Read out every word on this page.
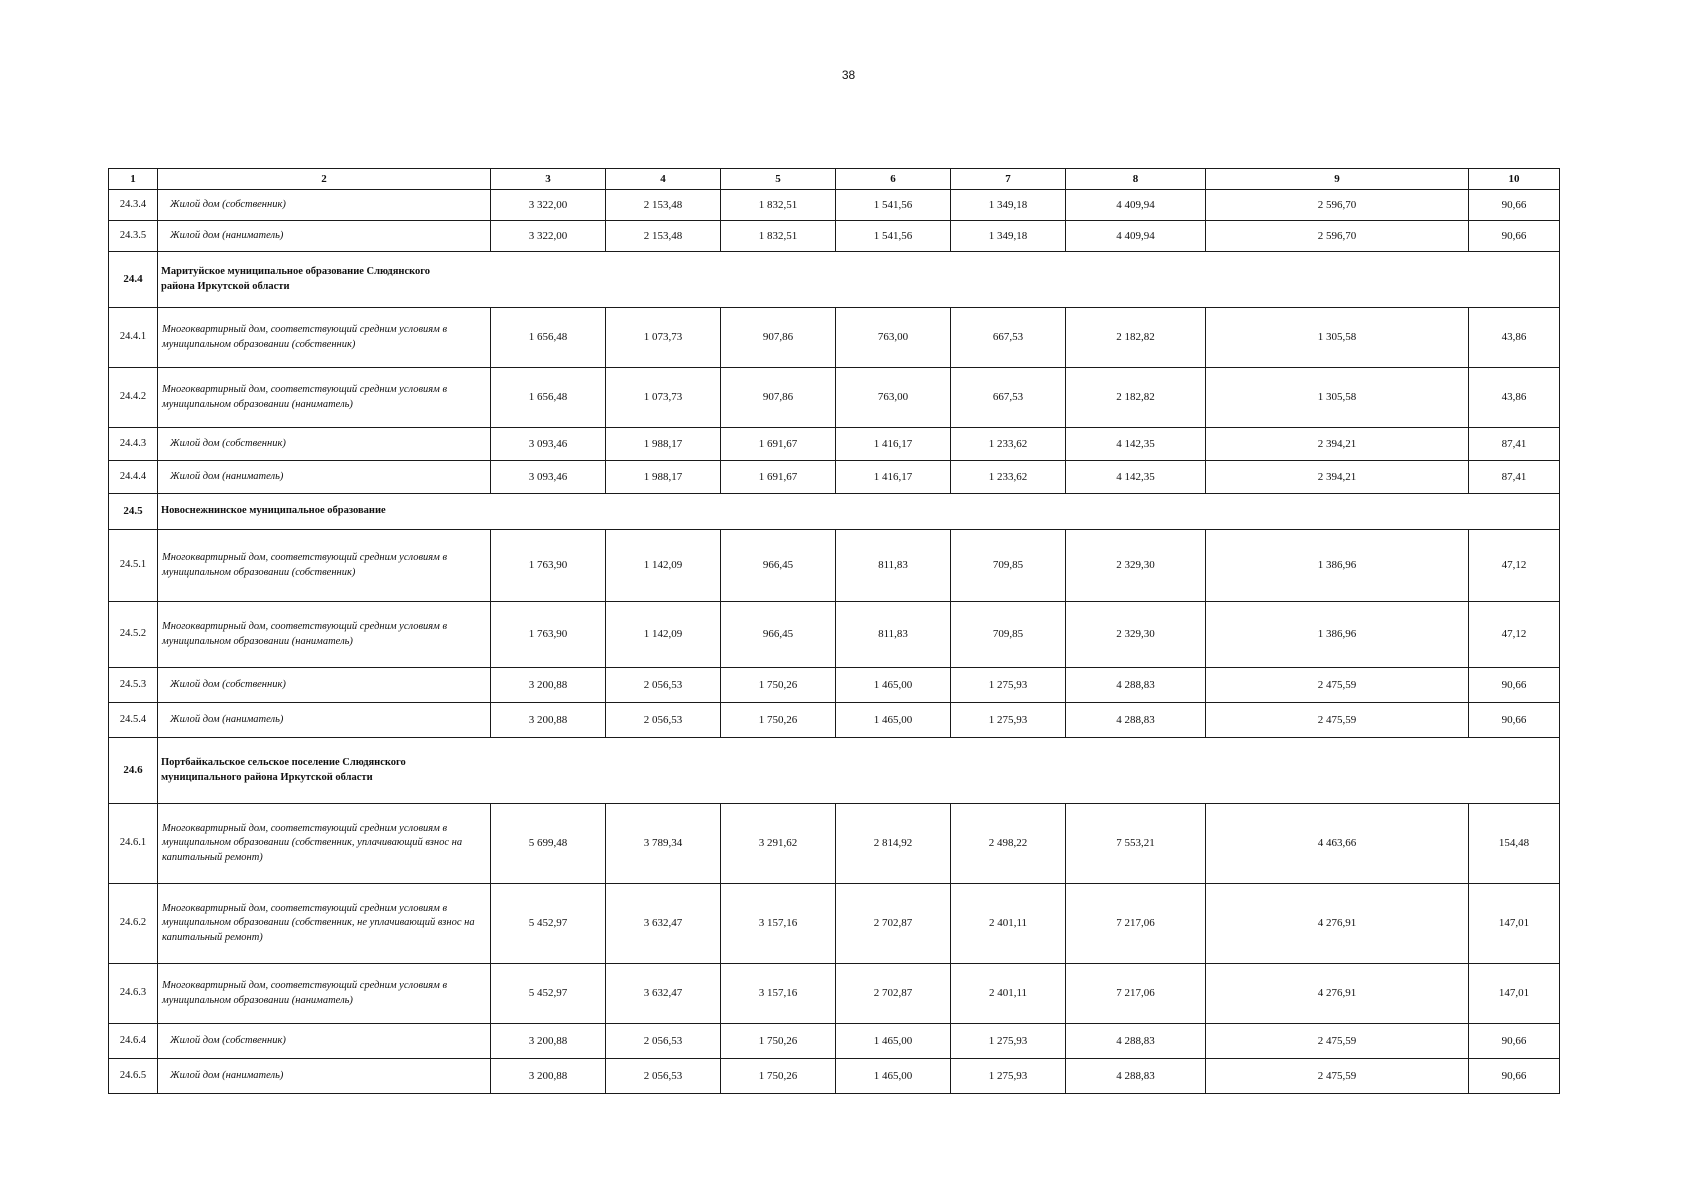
38
1	2	3	4	5	6	7	8	9	10
24.3.4	Жилой дом (собственник)	3 322,00	2 153,48	1 832,51	1 541,56	1 349,18	4 409,94	2 596,70	90,66
24.3.5	Жилой дом (наниматель)	3 322,00	2 153,48	1 832,51	1 541,56	1 349,18	4 409,94	2 596,70	90,66
24.4	Маритуйское муниципальное образование Слюдянского района Иркутской области								

24.4.1	Многоквартирный дом, соответствующий средним условиям в муниципальном образовании (собственник)	1 656,48	1 073,73	907,86	763,00	667,53	2 182,82	1 305,58	43,86
24.4.2	Многоквартирный дом, соответствующий средним условиям в муниципальном образовании (наниматель)	1 656,48	1 073,73	907,86	763,00	667,53	2 182,82	1 305,58	43,86
24.4.3	Жилой дом (собственник)	3 093,46	1 988,17	1 691,67	1 416,17	1 233,62	4 142,35	2 394,21	87,41
24.4.4	Жилой дом (наниматель)	3 093,46	1 988,17	1 691,67	1 416,17	1 233,62	4 142,35	2 394,21	87,41
24.5	Новоснежнинское муниципальное образование								

24.5.1	Многоквартирный дом, соответствующий средним условиям в муниципальном образовании (собственник)	1 763,90	1 142,09	966,45	811,83	709,85	2 329,30	1 386,96	47,12
24.5.2	Многоквартирный дом, соответствующий средним условиям в муниципальном образовании (наниматель)	1 763,90	1 142,09	966,45	811,83	709,85	2 329,30	1 386,96	47,12
24.5.3	Жилой дом (собственник)	3 200,88	2 056,53	1 750,26	1 465,00	1 275,93	4 288,83	2 475,59	90,66
24.5.4	Жилой дом (наниматель)	3 200,88	2 056,53	1 750,26	1 465,00	1 275,93	4 288,83	2 475,59	90,66
24.6	Портбайкальское сельское поселение Слюдянского муниципального района Иркутской области								

24.6.1	Многоквартирный дом, соответствующий средним условиям в муниципальном образовании (собственник, уплачивающий взнос на капитальный ремонт)	5 699,48	3 789,34	3 291,62	2 814,92	2 498,22	7 553,21	4 463,66	154,48
24.6.2	Многоквартирный дом, соответствующий средним условиям в муниципальном образовании (собственник, не уплачивающий взнос на капитальный ремонт)	5 452,97	3 632,47	3 157,16	2 702,87	2 401,11	7 217,06	4 276,91	147,01
24.6.3	Многоквартирный дом, соответствующий средним условиям в муниципальном образовании (наниматель)	5 452,97	3 632,47	3 157,16	2 702,87	2 401,11	7 217,06	4 276,91	147,01
24.6.4	Жилой дом (собственник)	3 200,88	2 056,53	1 750,26	1 465,00	1 275,93	4 288,83	2 475,59	90,66
24.6.5	Жилой дом (наниматель)	3 200,88	2 056,53	1 750,26	1 465,00	1 275,93	4 288,83	2 475,59	90,66
